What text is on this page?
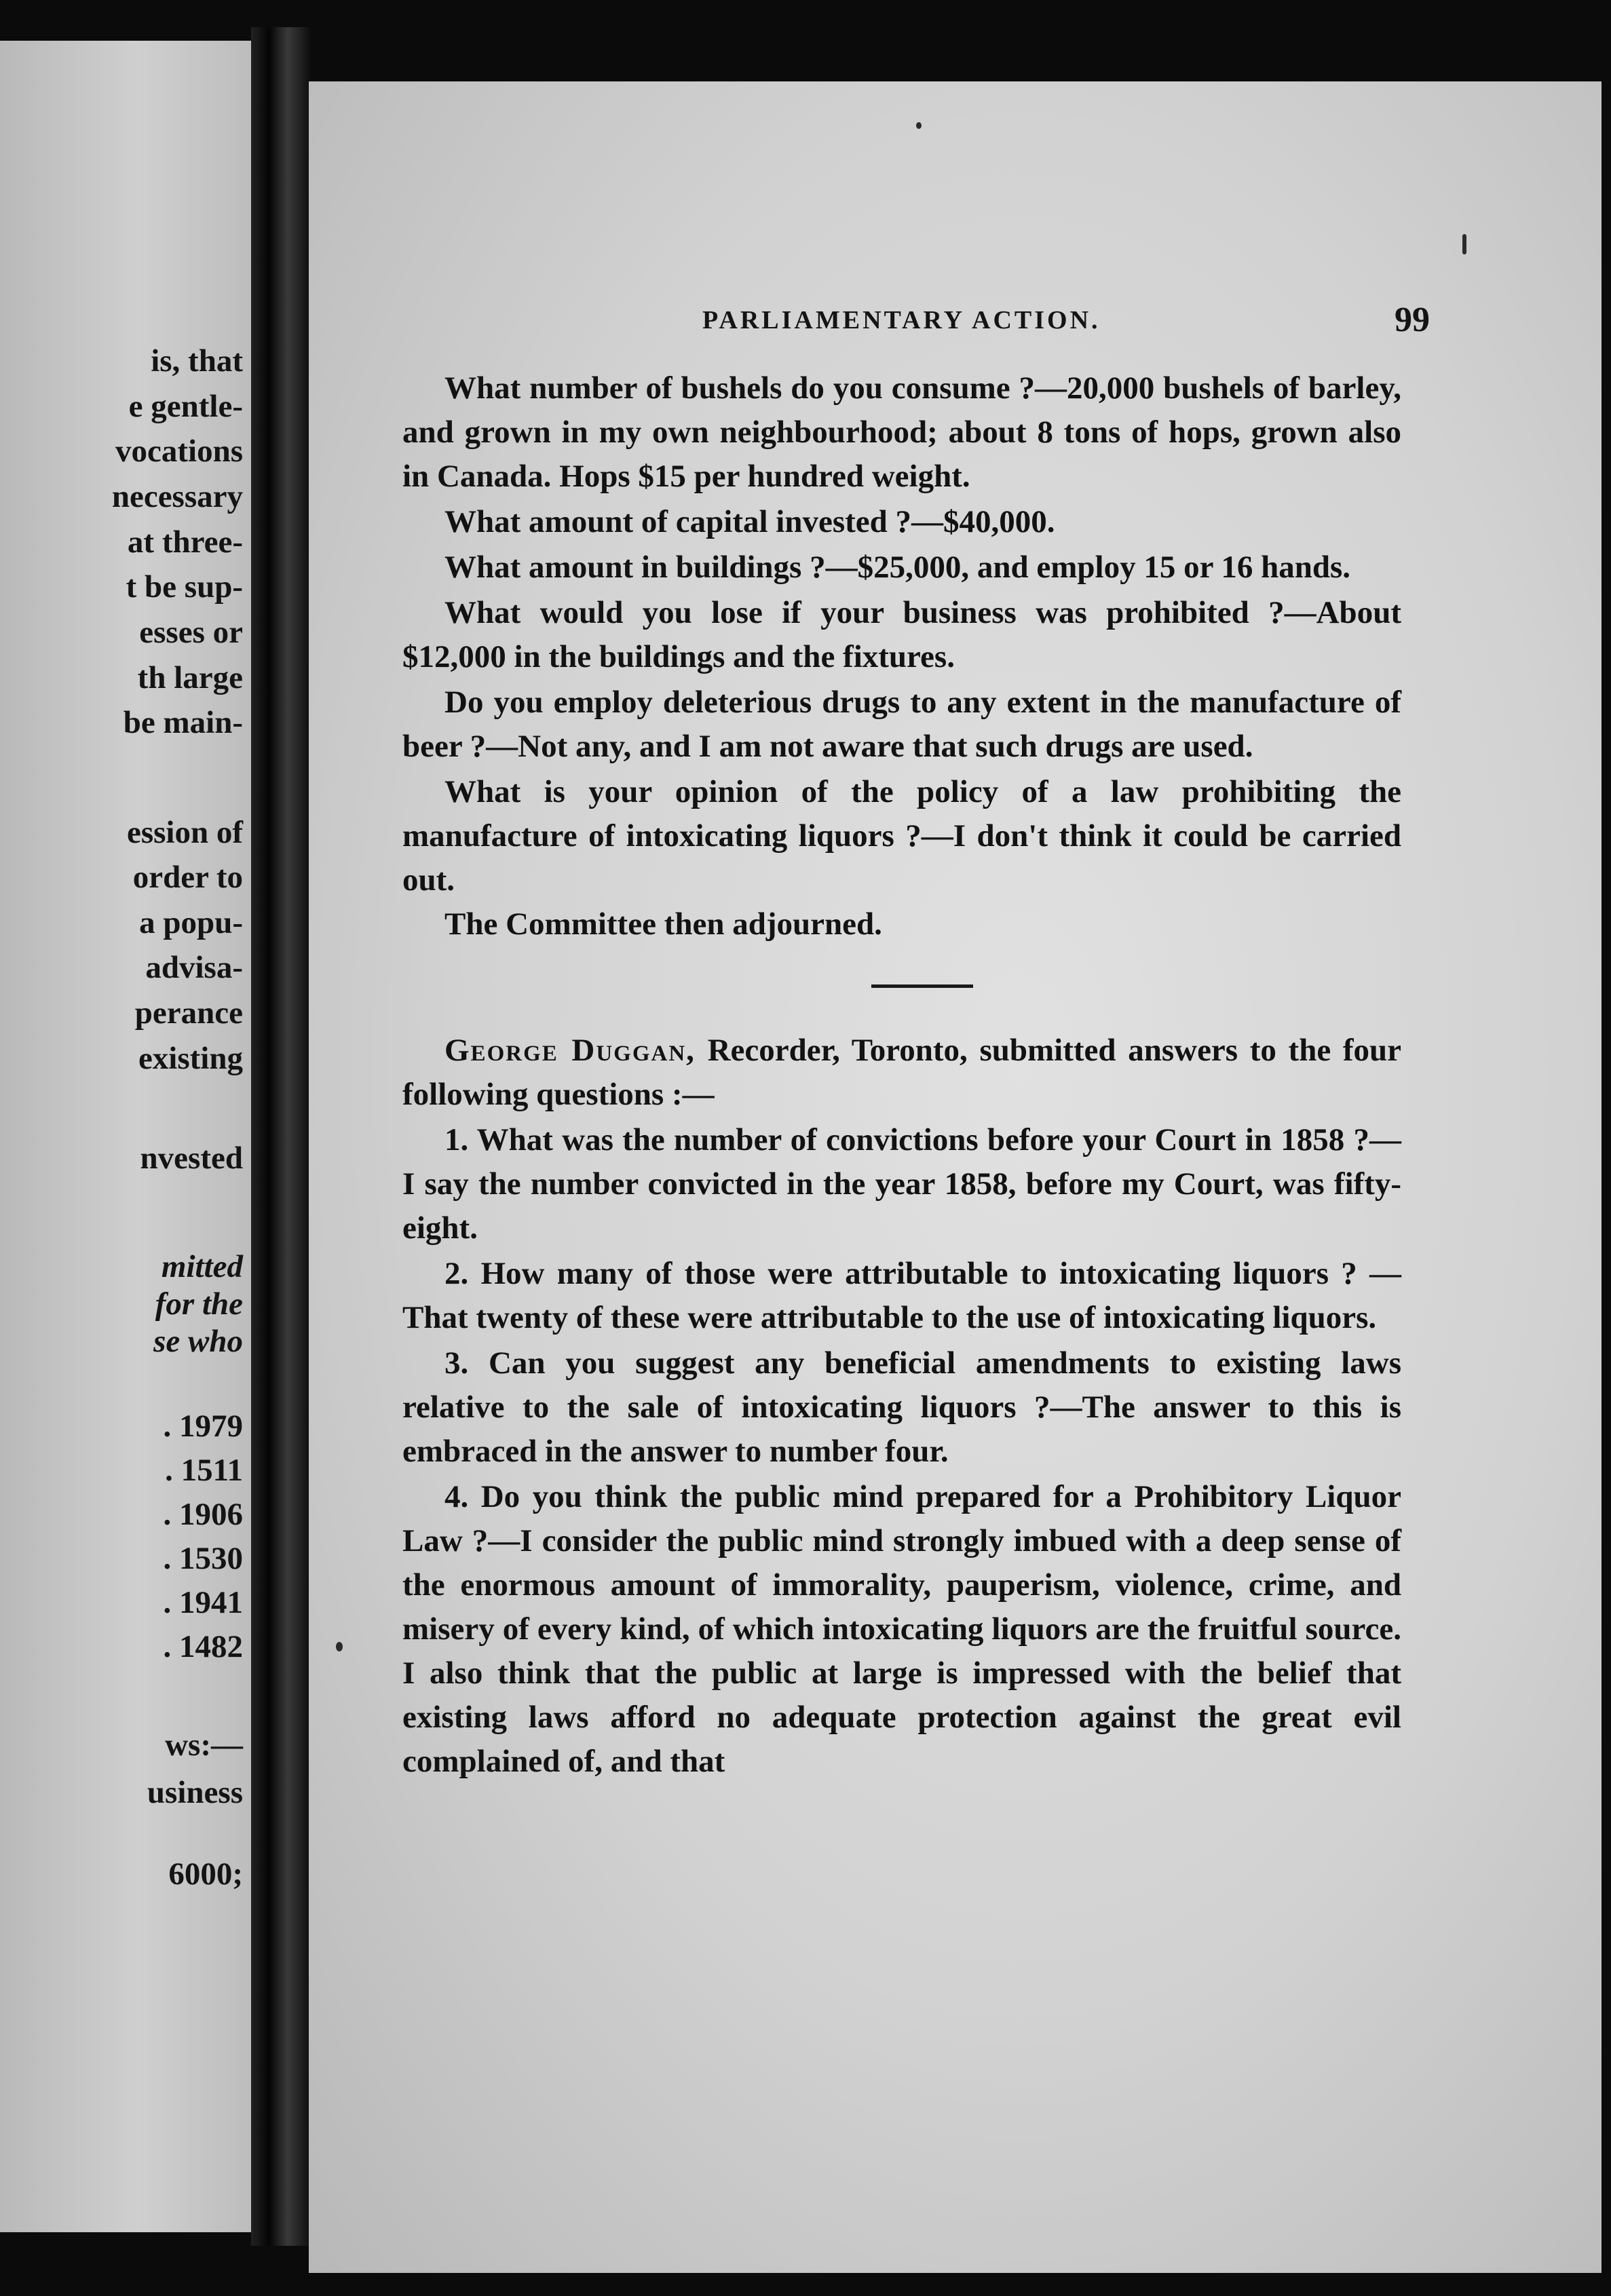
is, that

e gentle-

vocations

necessary

at three-

t be sup-

esses or

th large

be main-

ession of

order to

a popu-

advisa-

perance

existing

nvested

mitted

for the

se who

. 1979

. 1511

. 1906

. 1530

. 1941

. 1482

ws:—

usiness

6000;

PARLIAMENTARY ACTION.	99

What number of bushels do you consume ?—20,000 bushels of barley, and grown in my own neighbourhood; about 8 tons of hops, grown also in Canada. Hops $15 per hundred weight.

What amount of capital invested ?—$40,000.

What amount in buildings ?—$25,000, and employ 15 or 16 hands.

What would you lose if your business was prohibited ?—About $12,000 in the buildings and the fixtures.

Do you employ deleterious drugs to any extent in the manufacture of beer ?—Not any, and I am not aware that such drugs are used.

What is your opinion of the policy of a law prohibiting the manufacture of intoxicating liquors ?—I don't think it could be carried out.

The Committee then adjourned.

George Duggan, Recorder, Toronto, submitted answers to the four following questions :—

1. What was the number of convictions before your Court in 1858 ?—I say the number convicted in the year 1858, before my Court, was fifty-eight.

2. How many of those were attributable to intoxicating liquors ? —That twenty of these were attributable to the use of intoxicating liquors.

3. Can you suggest any beneficial amendments to existing laws relative to the sale of intoxicating liquors ?—The answer to this is embraced in the answer to number four.

4. Do you think the public mind prepared for a Prohibitory Liquor Law ?—I consider the public mind strongly imbued with a deep sense of the enormous amount of immorality, pauperism, violence, crime, and misery of every kind, of which intoxicating liquors are the fruitful source. I also think that the public at large is impressed with the belief that existing laws afford no adequate protection against the great evil complained of, and that
